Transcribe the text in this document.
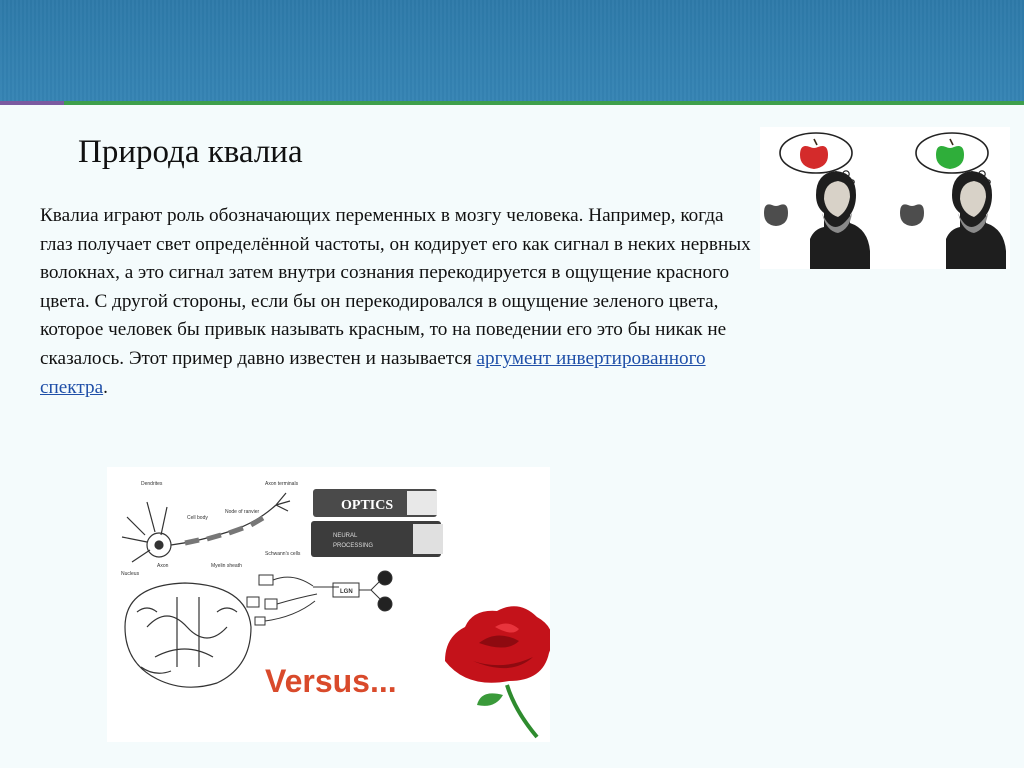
Природа квалиа
Квалиа играют роль обозначающих переменных в мозгу человека. Например, когда глаз получает свет определённой частоты, он кодирует его как сигнал в неких нервных волокнах, а это сигнал затем внутри сознания перекодируется в ощущение красного цвета. С другой стороны, если бы он перекодировался в ощущение зеленого цвета, которое человек бы привык называть красным, то на поведении его это бы никак не сказалось. Этот пример давно известен и называется аргумент инвертированного спектра.
Dendrites
Cell body
Node of ranvier
Axon terminals
Schwann's cells
Nucleus
Axon	Myelin sheath
OPTICS
NEURAL
PROCESSING
LGN
Versus...
